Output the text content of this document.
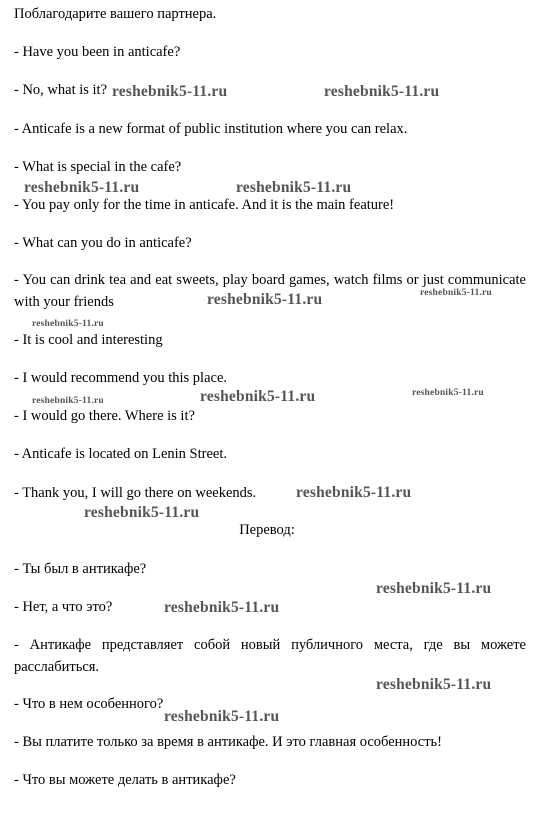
Поблагодарите вашего партнера.
- Have you been in anticafe?
- No, what is it?
- Anticafe is a new format of public institution where you can relax.
- What is special in the cafe?
- You pay only for the time in anticafe. And it is the main feature!
- What can you do in anticafe?
- You can drink tea and eat sweets, play board games, watch films or just communicate with your friends
- It is cool and interesting
- I would recommend you this place.
- I would go there. Where is it?
- Anticafe is located on Lenin Street.
- Thank you, I will go there on weekends.
Перевод:
- Ты был в антикафе?
- Нет, а что это?
- Антикафе представляет собой новый публичного места, где вы можете расслабиться.
- Что в нем особенного?
- Вы платите только за время в антикафе. И это главная особенность!
- Что вы можете делать в антикафе?
reshebnik5-11.ru	reshebnik5-11.ru
reshebnik5-11.ru	reshebnik5-11.ru
reshebnik5-11.ru	reshebnik5-11.ru
reshebnik5-11.ru
reshebnik5-11.ru	reshebnik5-11.ru
reshebnik5-11.ru
reshebnik5-11.ru
reshebnik5-11.ru
reshebnik5-11.ru
reshebnik5-11.ru
reshebnik5-11.ru
reshebnik5-11.ru
